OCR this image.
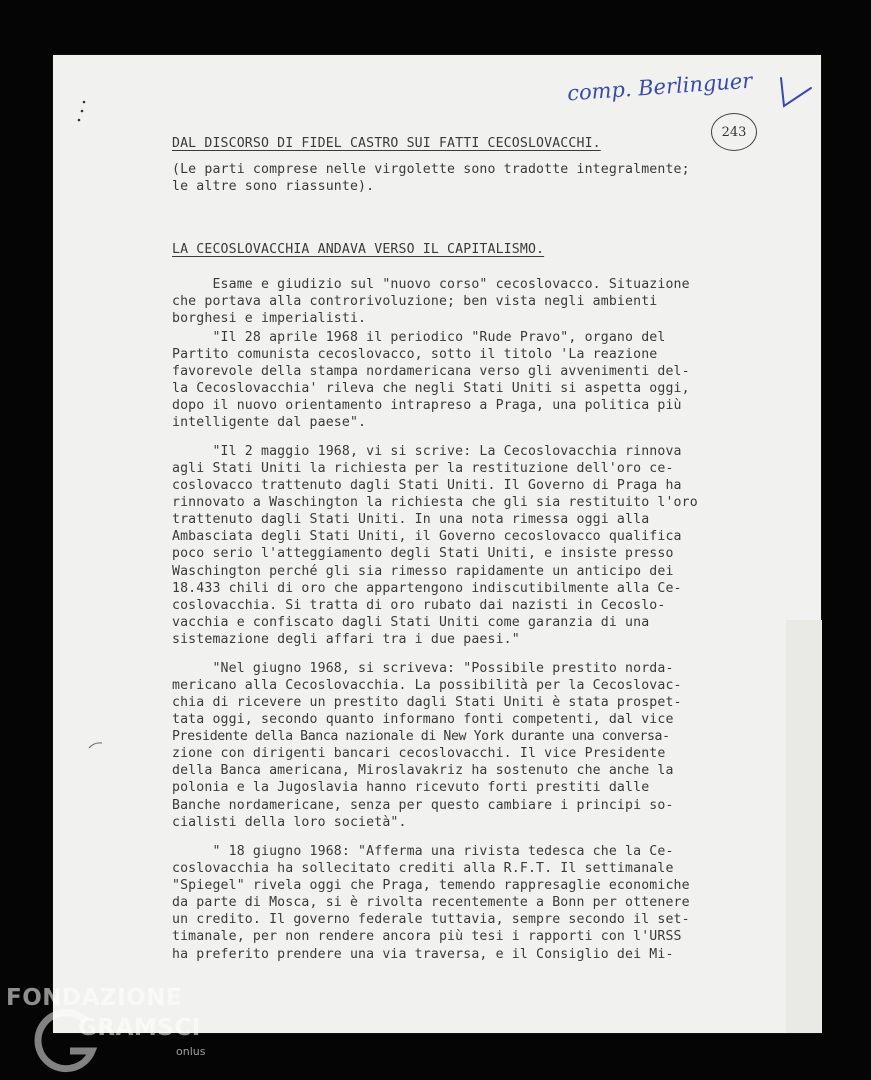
comp. Berlinguer
243
DAL DISCORSO DI FIDEL CASTRO SUI FATTI CECOSLOVACCHI.
(Le parti comprese nelle virgolette sono tradotte integralmente;
le altre sono riassunte).
LA CECOSLOVACCHIA ANDAVA VERSO IL CAPITALISMO.
Esame e giudizio sul "nuovo corso" cecoslovacco. Situazione
che portava alla controrivoluzione; ben vista negli ambienti
borghesi e imperialisti.
"Il 28 aprile 1968 il periodico "Rude Pravo", organo del
Partito comunista cecoslovacco, sotto il titolo 'La reazione
favorevole della stampa nordamericana verso gli avvenimenti del-
la Cecoslovacchia' rileva che negli Stati Uniti si aspetta oggi,
dopo il nuovo orientamento intrapreso a Praga, una politica più
intelligente dal paese".
"Il 2 maggio 1968, vi si scrive: La Cecoslovacchia rinnova
agli Stati Uniti la richiesta per la restituzione dell'oro ce-
coslovacco trattenuto dagli Stati Uniti. Il Governo di Praga ha
rinnovato a Waschington la richiesta che gli sia restituito l'oro
trattenuto dagli Stati Uniti. In una nota rimessa oggi alla
Ambasciata degli Stati Uniti, il Governo cecoslovacco qualifica
poco serio l'atteggiamento degli Stati Uniti, e insiste presso
Waschington perché gli sia rimesso rapidamente un anticipo dei
18.433 chili di oro che appartengono indiscutibilmente alla Ce-
coslovacchia. Si tratta di oro rubato dai nazisti in Cecoslo-
vacchia e confiscato dagli Stati Uniti come garanzia di una
sistemazione degli affari tra i due paesi."
"Nel giugno 1968, si scriveva: "Possibile prestito norda-
mericano alla Cecoslovacchia. La possibilità per la Cecoslovac-
chia di ricevere un prestito dagli Stati Uniti è stata prospet-
tata oggi, secondo quanto informano fonti competenti, dal vice
Presidente della Banca nazionale di New York durante una conversa-
zione con dirigenti bancari cecoslovacchi. Il vice Presidente
della Banca americana, Miroslavakriz ha sostenuto che anche la
polonia e la Jugoslavia hanno ricevuto forti prestiti dalle
Banche nordamericane, senza per questo cambiare i principi so-
cialisti della loro società".
" 18 giugno 1968: "Afferma una rivista tedesca che la Ce-
coslovacchia ha sollecitato crediti alla R.F.T. Il settimanale
"Spiegel" rivela oggi che Praga, temendo rappresaglie economiche
da parte di Mosca, si è rivolta recentemente a Bonn per ottenere
un credito. Il governo federale tuttavia, sempre secondo il set-
timanale, per non rendere ancora più tesi i rapporti con l'URSS
ha preferito prendere una via traversa, e il Consiglio dei Mi-
FONDAZIONE
GRAMSCI
onlus
